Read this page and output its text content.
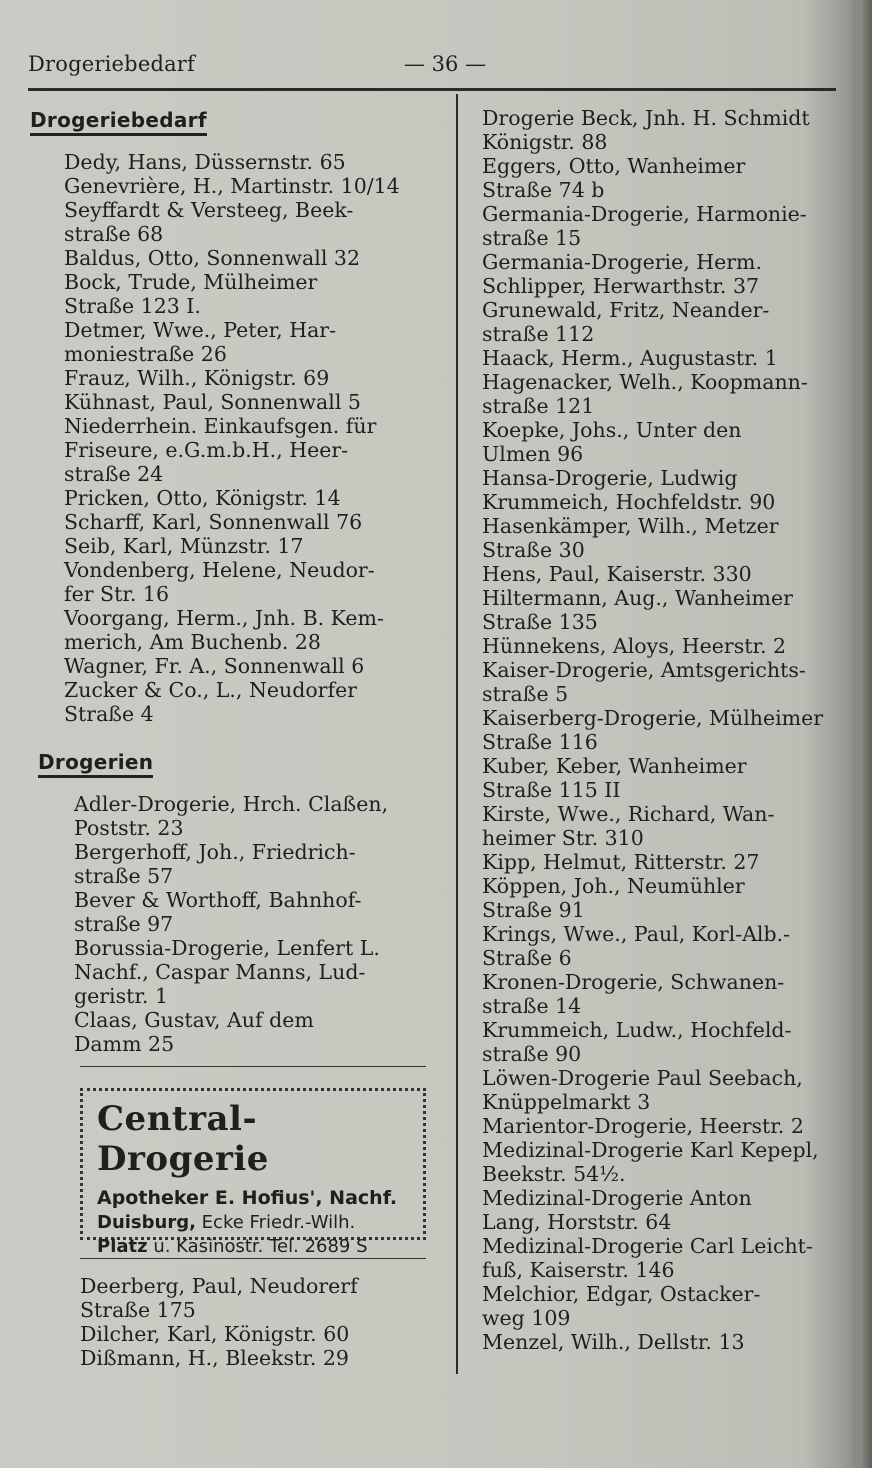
Drogeriebedarf	— 36 —
Drogeriebedarf
Dedy, Hans, Düssernstr. 65
Genevrière, H., Martinstr. 10/14
Seyffardt & Versteeg, Beek-
straße 68
Baldus, Otto, Sonnenwall 32
Bock, Trude, Mülheimer
Straße 123 I.
Detmer, Wwe., Peter, Har-
moniestraße 26
Frauz, Wilh., Königstr. 69
Kühnast, Paul, Sonnenwall 5
Niederrhein. Einkaufsgen. für
Friseure, e.G.m.b.H., Heer-
straße 24
Pricken, Otto, Königstr. 14
Scharff, Karl, Sonnenwall 76
Seib, Karl, Münzstr. 17
Vondenberg, Helene, Neudor-
fer Str. 16
Voorgang, Herm., Jnh. B. Kem-
merich, Am Buchenb. 28
Wagner, Fr. A., Sonnenwall 6
Zucker & Co., L., Neudorfer
Straße 4
Drogerien
Adler-Drogerie, Hrch. Claßen,
Poststr. 23
Bergerhoff, Joh., Friedrich-
straße 57
Bever & Worthoff, Bahnhof-
straße 97
Borussia-Drogerie, Lenfert L.
Nachf., Caspar Manns, Lud-
geristr. 1
Claas, Gustav, Auf dem
Damm 25
Central-Drogerie
Apotheker E. Hofius', Nachf.
Duisburg, Ecke Friedr.-Wilh.
Platz u. Kasinostr. Tel. 2689 S
Deerberg, Paul, Neudorerf
Straße 175
Dilcher, Karl, Königstr. 60
Dißmann, H., Bleekstr. 29
Drogerie Beck, Jnh. H. Schmidt
Königstr. 88
Eggers, Otto, Wanheimer
Straße 74 b
Germania-Drogerie, Harmonie-
straße 15
Germania-Drogerie, Herm.
Schlipper, Herwarthstr. 37
Grunewald, Fritz, Neander-
straße 112
Haack, Herm., Augustastr. 1
Hagenacker, Welh., Koopmann-
straße 121
Koepke, Johs., Unter den
Ulmen 96
Hansa-Drogerie, Ludwig
Krummeich, Hochfeldstr. 90
Hasenkämper, Wilh., Metzer
Straße 30
Hens, Paul, Kaiserstr. 330
Hiltermann, Aug., Wanheimer
Straße 135
Hünnekens, Aloys, Heerstr. 2
Kaiser-Drogerie, Amtsgerichts-
straße 5
Kaiserberg-Drogerie, Mülheimer
Straße 116
Kuber, Keber, Wanheimer
Straße 115 II
Kirste, Wwe., Richard, Wan-
heimer Str. 310
Kipp, Helmut, Ritterstr. 27
Köppen, Joh., Neumühler
Straße 91
Krings, Wwe., Paul, Korl-Alb.-
Straße 6
Kronen-Drogerie, Schwanen-
straße 14
Krummeich, Ludw., Hochfeld-
straße 90
Löwen-Drogerie Paul Seebach,
Knüppelmarkt 3
Marientor-Drogerie, Heerstr. 2
Medizinal-Drogerie Karl Kepepl,
Beekstr. 54½.
Medizinal-Drogerie Anton
Lang, Horststr. 64
Medizinal-Drogerie Carl Leicht-
fuß, Kaiserstr. 146
Melchior, Edgar, Ostacker-
weg 109
Menzel, Wilh., Dellstr. 13
